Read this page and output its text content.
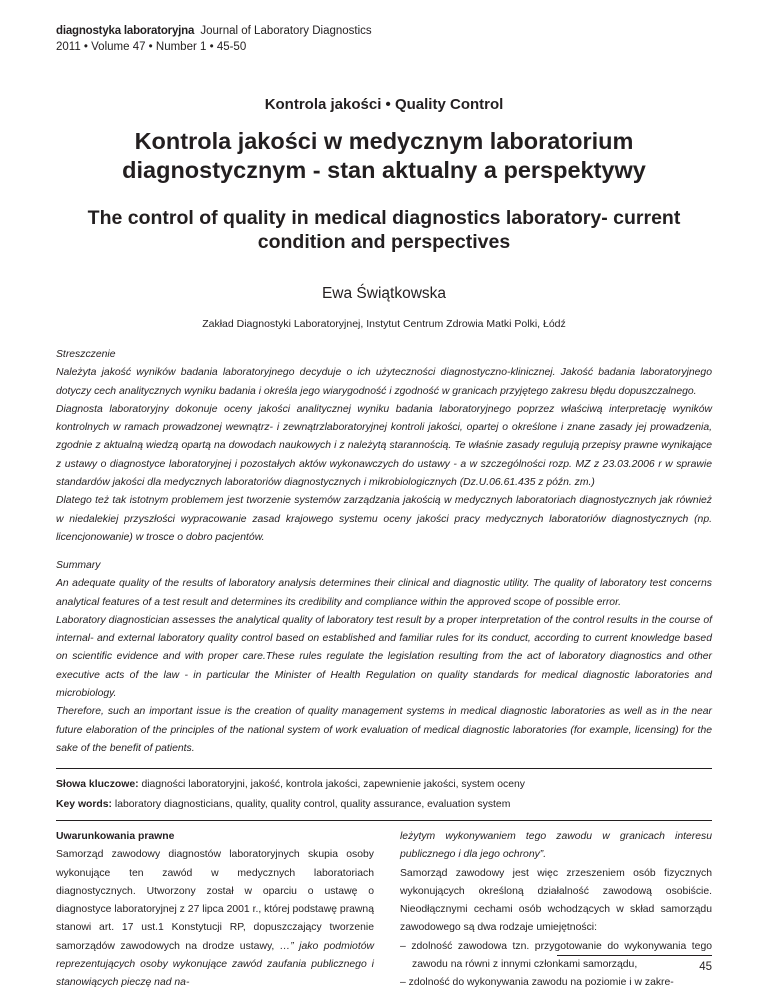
diagnostyka laboratoryjna Journal of Laboratory Diagnostics
2011 • Volume 47 • Number 1 • 45-50
Kontrola jakości • Quality Control
Kontrola jakości w medycznym laboratorium diagnostycznym - stan aktualny a perspektywy
The control of quality in medical diagnostics laboratory- current condition and perspectives
Ewa Świątkowska
Zakład Diagnostyki Laboratoryjnej, Instytut Centrum Zdrowia Matki Polki, Łódź

Streszczenie

Należyta jakość wyników badania laboratoryjnego decyduje o ich użyteczności diagnostyczno-klinicznej. Jakość badania laboratoryjnego dotyczy cech analitycznych wyniku badania i określa jego wiarygodność i zgodność w granicach przyjętego zakresu błędu dopuszczalnego.

Diagnosta laboratoryjny dokonuje oceny jakości analitycznej wyniku badania laboratoryjnego poprzez właściwą interpretację wyników kontrolnych w ramach prowadzonej wewnątrz- i zewnątrzlaboratoryjnej kontroli jakości, opartej o określone i znane zasady jej prowadzenia, zgodnie z aktualną wiedzą opartą na dowodach naukowych i z należytą starannością. Te właśnie zasady regulują przepisy prawne wynikające z ustawy o diagnostyce laboratoryjnej i pozostałych aktów wykonawczych do ustawy - a w szczególności rozp. MZ z 23.03.2006 r w sprawie standardów jakości dla medycznych laboratoriów diagnostycznych i mikrobiologicznych (Dz.U.06.61.435 z późn. zm.)

Dlatego też tak istotnym problemem jest tworzenie systemów zarządzania jakością w medycznych laboratoriach diagnostycznych jak również w niedalekiej przyszłości wypracowanie zasad krajowego systemu oceny jakości pracy medycznych laboratoriów diagnostycznych (np. licencjonowanie) w trosce o dobro pacjentów.

Summary

An adequate quality of the results of laboratory analysis determines their clinical and diagnostic utility. The quality of laboratory test concerns analytical features of a test result and determines its credibility and compliance within the approved scope of possible error.

Laboratory diagnostician assesses the analytical quality of laboratory test result by a proper interpretation of the control results in the course of internal- and external laboratory quality control based on established and familiar rules for its conduct, according to current knowledge based on scientific evidence and with proper care.These rules regulate the legislation resulting from the act of laboratory diagnostics and other executive acts of the law - in particular the Minister of Health Regulation on quality standards for medical diagnostic laboratories and microbiology.

Therefore, such an important issue is the creation of quality management systems in medical diagnostic laboratories as well as in the near future elaboration of the principles of the national system of work evaluation of medical diagnostic laboratories (for example, licensing) for the sake of the benefit of patients.

Słowa kluczowe: diagności laboratoryjni, jakość, kontrola jakości, zapewnienie jakości, system oceny
Key words: laboratory diagnosticians, quality, quality control, quality assurance, evaluation system

Uwarunkowania prawne

Samorząd zawodowy diagnostów laboratoryjnych skupia osoby wykonujące ten zawód w medycznych laboratoriach diagnostycznych. Utworzony został w oparciu o ustawę o diagnostyce laboratoryjnej z 27 lipca 2001 r., której podstawę prawną stanowi art. 17 ust.1 Konstytucji RP, dopuszczający tworzenie samorządów zawodowych na drodze ustawy, …” jako podmiotów reprezentujących osoby wykonujące zawód zaufania publicznego i stanowiących pieczę nad na-

leżytym wykonywaniem tego zawodu w granicach interesu publicznego i dla jego ochrony”.

Samorząd zawodowy jest więc zrzeszeniem osób fizycznych wykonujących określoną działalność zawodową osobiście. Nieodłącznymi cechami osób wchodzących w skład samorządu zawodowego są dwa rodzaje umiejętności:

– zdolność zawodowa tzn. przygotowanie do wykonywania tego zawodu na równi z innymi członkami samorządu,

– zdolność do wykonywania zawodu na poziomie i w zakre-

45
